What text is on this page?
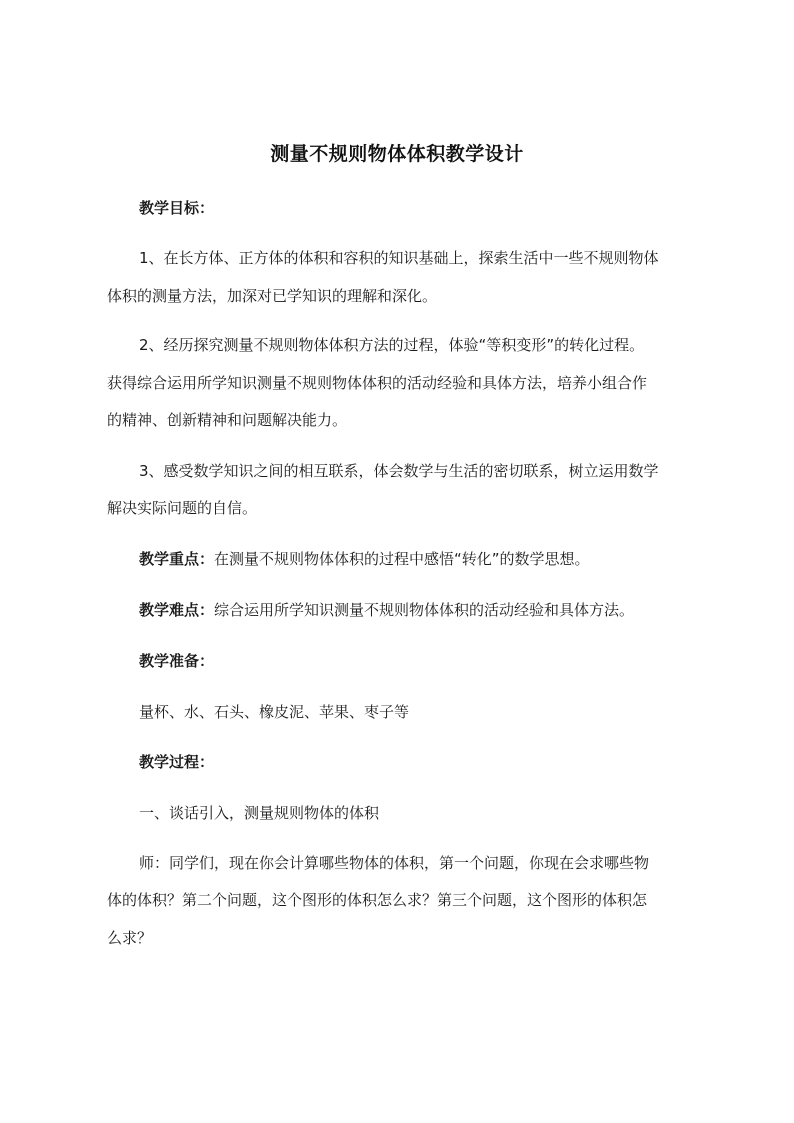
测量不规则物体体积教学设计
教学目标：
1、在长方体、正方体的体积和容积的知识基础上，探索生活中一些不规则物体
体积的测量方法，加深对已学知识的理解和深化。
2、经历探究测量不规则物体体积方法的过程，体验“等积变形”的转化过程。
获得综合运用所学知识测量不规则物体体积的活动经验和具体方法，培养小组合作
的精神、创新精神和问题解决能力。
3、感受数学知识之间的相互联系，体会数学与生活的密切联系，树立运用数学
解决实际问题的自信。
教学重点：在测量不规则物体体积的过程中感悟“转化”的数学思想。
教学难点：综合运用所学知识测量不规则物体体积的活动经验和具体方法。
教学准备：
量杯、水、石头、橡皮泥、苹果、枣子等
教学过程：
一、谈话引入，测量规则物体的体积
师：同学们，现在你会计算哪些物体的体积，第一个问题，你现在会求哪些物
体的体积？第二个问题，这个图形的体积怎么求？第三个问题，这个图形的体积怎
么求？
